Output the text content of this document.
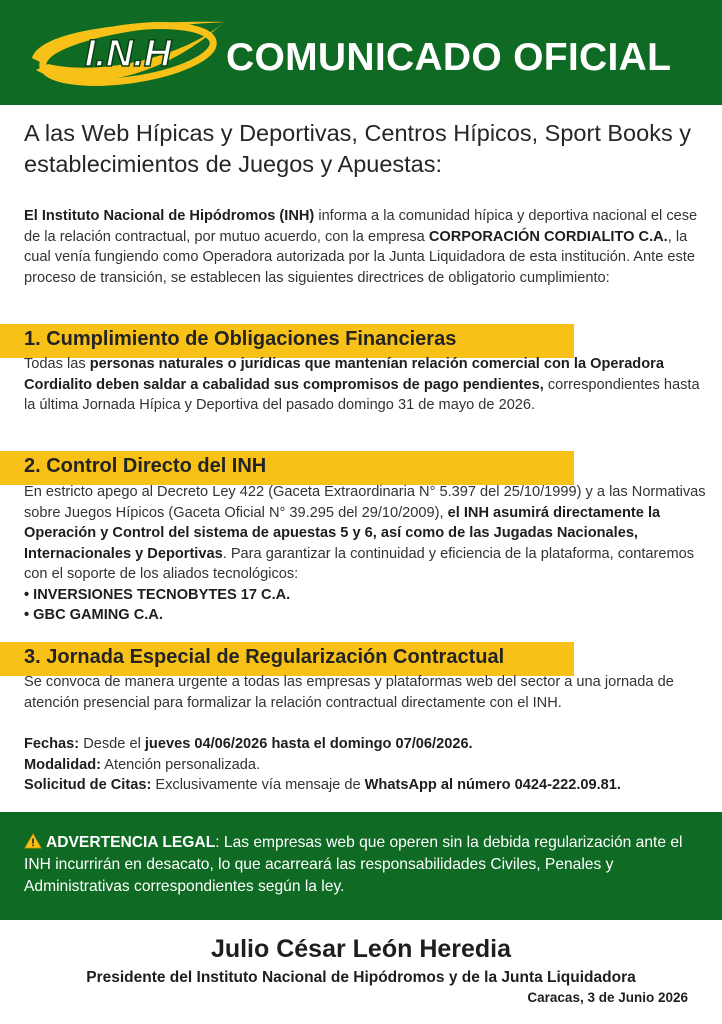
I.N.H COMUNICADO OFICIAL
A las Web Hípicas y Deportivas, Centros Hípicos, Sport Books y establecimientos de Juegos y Apuestas:

El Instituto Nacional de Hipódromos (INH) informa a la comunidad hípica y deportiva nacional el cese de la relación contractual, por mutuo acuerdo, con la empresa CORPORACIÓN CORDIALITO C.A., la cual venía fungiendo como Operadora autorizada por la Junta Liquidadora de esta institución. Ante este proceso de transición, se establecen las siguientes directrices de obligatorio cumplimiento:

1. Cumplimiento de Obligaciones Financieras

Todas las personas naturales o jurídicas que mantenían relación comercial con la Operadora Cordialito deben saldar a cabalidad sus compromisos de pago pendientes, correspondientes hasta la última Jornada Hípica y Deportiva del pasado domingo 31 de mayo de 2026.

2. Control Directo del INH

En estricto apego al Decreto Ley 422 (Gaceta Extraordinaria N° 5.397 del 25/10/1999) y a las Normativas sobre Juegos Hípicos (Gaceta Oficial N° 39.295 del 29/10/2009), el INH asumirá directamente la Operación y Control del sistema de apuestas 5 y 6, así como de las Jugadas Nacionales, Internacionales y Deportivas. Para garantizar la continuidad y eficiencia de la plataforma, contaremos con el soporte de los aliados tecnológicos:

• INVERSIONES TECNOBYTES 17 C.A.
• GBC GAMING C.A.
3. Jornada Especial de Regularización Contractual

Se convoca de manera urgente a todas las empresas y plataformas web del sector a una jornada de atención presencial para formalizar la relación contractual directamente con el INH.

Fechas: Desde el jueves 04/06/2026 hasta el domingo 07/06/2026.

Modalidad: Atención personalizada.

Solicitud de Citas: Exclusivamente vía mensaje de WhatsApp al número 0424-222.09.81.

ADVERTENCIA LEGAL: Las empresas web que operen sin la debida regularización ante el INH incurrirán en desacato, lo que acarreará las responsabilidades Civiles, Penales y Administrativas correspondientes según la ley.

Julio César León Heredia
Presidente del Instituto Nacional de Hipódromos y de la Junta Liquidadora
Caracas, 3 de Junio 2026
